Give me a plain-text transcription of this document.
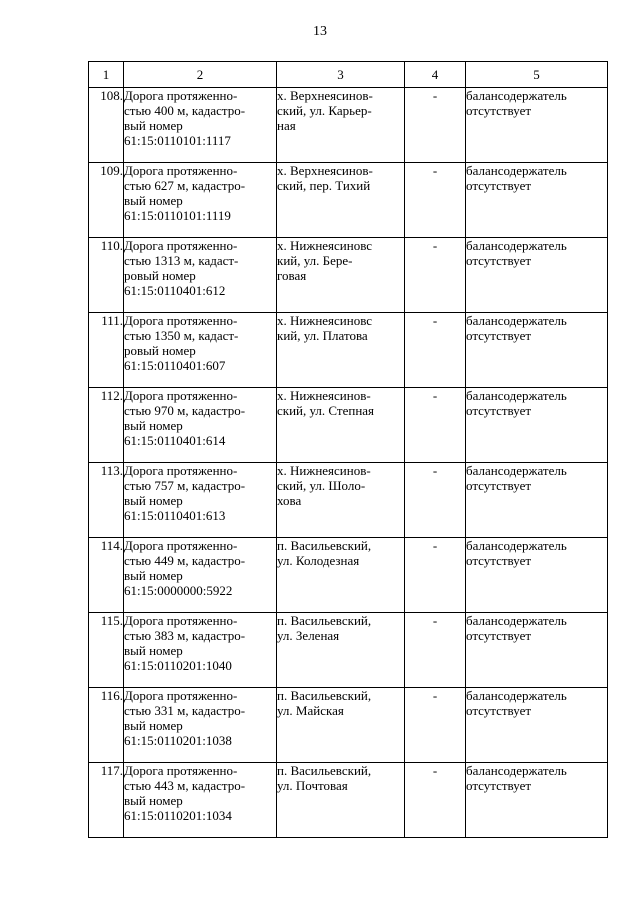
13
1	2	3	4	5
108.	Дорога протяженно-
стью 400 м, кадастро-
вый номер
61:15:0110101:1117	х. Верхнеясинов-
ский, ул. Карьер-
ная	-	балансодержатель
отсутствует

109.	Дорога протяженно-
стью 627 м, кадастро-
вый номер
61:15:0110101:1119	х. Верхнеясинов-
ский, пер. Тихий	-	балансодержатель
отсутствует

110.	Дорога протяженно-
стью 1313 м, кадаст-
ровый номер
61:15:0110401:612	х. Нижнеясиновс
кий, ул. Бере-
говая	-	балансодержатель
отсутствует

111.	Дорога протяженно-
стью 1350 м, кадаст-
ровый номер
61:15:0110401:607	х. Нижнеясиновс
кий, ул. Платова	-	балансодержатель
отсутствует

112.	Дорога протяженно-
стью 970 м, кадастро-
вый номер
61:15:0110401:614	х. Нижнеясинов-
ский, ул. Степная	-	балансодержатель
отсутствует

113.	Дорога протяженно-
стью 757 м, кадастро-
вый номер
61:15:0110401:613	х. Нижнеясинов-
ский, ул. Шоло-
хова	-	балансодержатель
отсутствует

114.	Дорога протяженно-
стью 449 м, кадастро-
вый номер
61:15:0000000:5922	п. Васильевский,
ул. Колодезная	-	балансодержатель
отсутствует

115.	Дорога протяженно-
стью 383 м, кадастро-
вый номер
61:15:0110201:1040	п. Васильевский,
ул. Зеленая	-	балансодержатель
отсутствует

116.	Дорога протяженно-
стью 331 м, кадастро-
вый номер
61:15:0110201:1038	п. Васильевский,
ул. Майская	-	балансодержатель
отсутствует

117.	Дорога протяженно-
стью 443 м, кадастро-
вый номер
61:15:0110201:1034	п. Васильевский,
ул. Почтовая	-	балансодержатель
отсутствует
